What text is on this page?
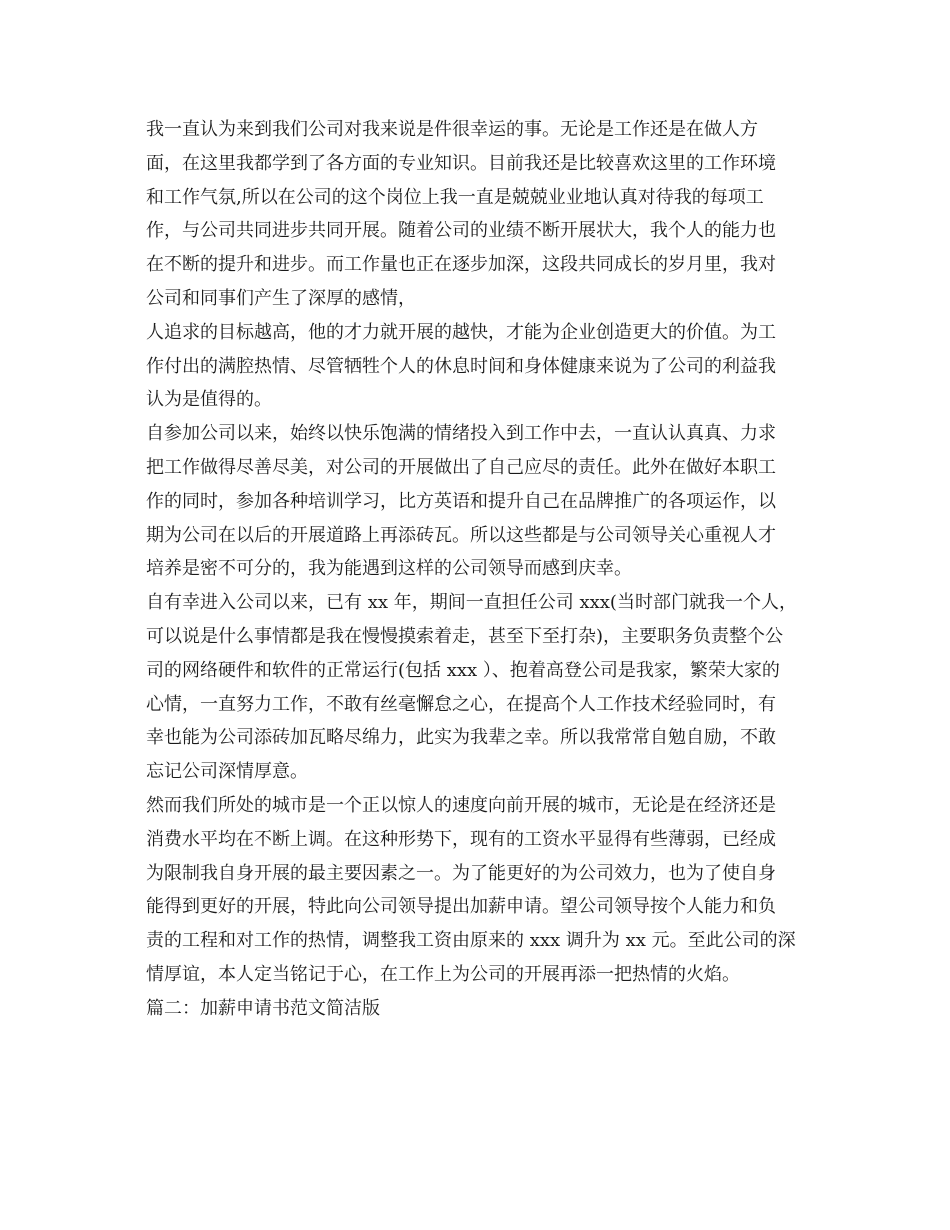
我一直认为来到我们公司对我来说是件很幸运的事。无论是工作还是在做人方
面，在这里我都学到了各方面的专业知识。目前我还是比较喜欢这里的工作环境
和工作气氛,所以在公司的这个岗位上我一直是兢兢业业地认真对待我的每项工
作，与公司共同进步共同开展。随着公司的业绩不断开展状大，我个人的能力也
在不断的提升和进步。而工作量也正在逐步加深，这段共同成长的岁月里，我对
公司和同事们产生了深厚的感情，
人追求的目标越高，他的才力就开展的越快，才能为企业创造更大的价值。为工
作付出的满腔热情、尽管牺牲个人的休息时间和身体健康来说为了公司的利益我
认为是值得的。
自参加公司以来，始终以快乐饱满的情绪投入到工作中去，一直认认真真、力求
把工作做得尽善尽美，对公司的开展做出了自己应尽的责任。此外在做好本职工
作的同时，参加各种培训学习，比方英语和提升自己在品牌推广的各项运作，以
期为公司在以后的开展道路上再添砖瓦。所以这些都是与公司领导关心重视人才
培养是密不可分的，我为能遇到这样的公司领导而感到庆幸。
自有幸进入公司以来，已有 xx 年，期间一直担任公司 xxx(当时部门就我一个人，
可以说是什么事情都是我在慢慢摸索着走，甚至下至打杂)，主要职务负责整个公
司的网络硬件和软件的正常运行(包括 xxx ）、抱着高登公司是我家，繁荣大家的
心情，一直努力工作，不敢有丝毫懈怠之心，在提高个人工作技术经验同时，有
幸也能为公司添砖加瓦略尽绵力，此实为我辈之幸。所以我常常自勉自励，不敢
忘记公司深情厚意。
然而我们所处的城市是一个正以惊人的速度向前开展的城市，无论是在经济还是
消费水平均在不断上调。在这种形势下，现有的工资水平显得有些薄弱，已经成
为限制我自身开展的最主要因素之一。为了能更好的为公司效力，也为了使自身
能得到更好的开展，特此向公司领导提出加薪申请。望公司领导按个人能力和负
责的工程和对工作的热情，调整我工资由原来的 xxx 调升为 xx 元。至此公司的深
情厚谊，本人定当铭记于心，在工作上为公司的开展再添一把热情的火焰。
篇二：加薪申请书范文简洁版
